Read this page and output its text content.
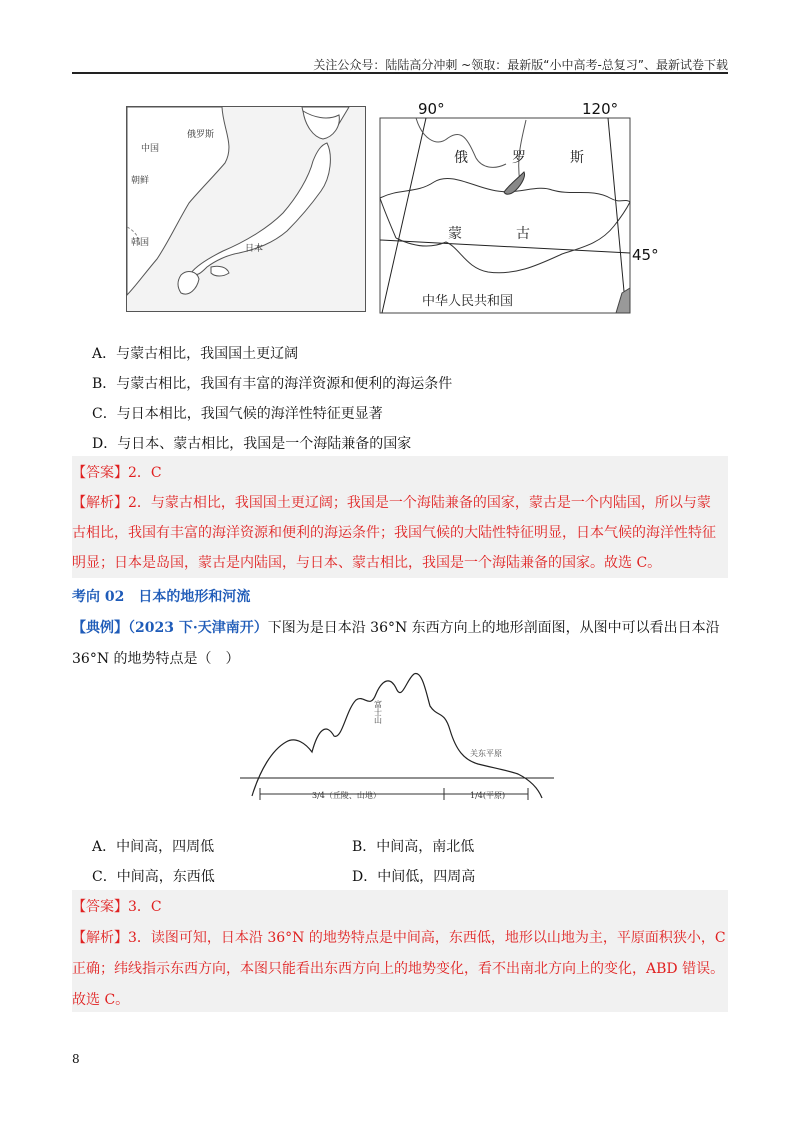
关注公众号：陆陆高分冲刺 ~领取：最新版“小中高考-总复习”、最新试卷下载
俄罗斯
中国
朝鲜
韩国
日本
90°	120°
45°
俄	罗	斯
蒙	古
中华人民共和国
A．与蒙古相比，我国国土更辽阔
B．与蒙古相比，我国有丰富的海洋资源和便利的海运条件
C．与日本相比，我国气候的海洋性特征更显著
D．与日本、蒙古相比，我国是一个海陆兼备的国家
【答案】2．C
【解析】2．与蒙古相比，我国国土更辽阔；我国是一个海陆兼备的国家，蒙古是一个内陆国，所以与蒙
古相比，我国有丰富的海洋资源和便利的海运条件；我国气候的大陆性特征明显，日本气候的海洋性特征
明显；日本是岛国，蒙古是内陆国，与日本、蒙古相比，我国是一个海陆兼备的国家。故选 C。
考向 02　日本的地形和河流
【典例】（2023 下·天津南开）下图为是日本沿 36°N 东西方向上的地形剖面图，从图中可以看出日本沿
36°N 的地势特点是（　）
富士山
关东平原
3/4（丘陵、山地）	1/4(平原)
A．中间高，四周低	B．中间高，南北低
C．中间高，东西低	D．中间低，四周高
【答案】3．C
【解析】3．读图可知，日本沿 36°N 的地势特点是中间高，东西低，地形以山地为主，平原面积狭小，C
正确；纬线指示东西方向，本图只能看出东西方向上的地势变化，看不出南北方向上的变化，ABD 错误。
故选 C。
8
